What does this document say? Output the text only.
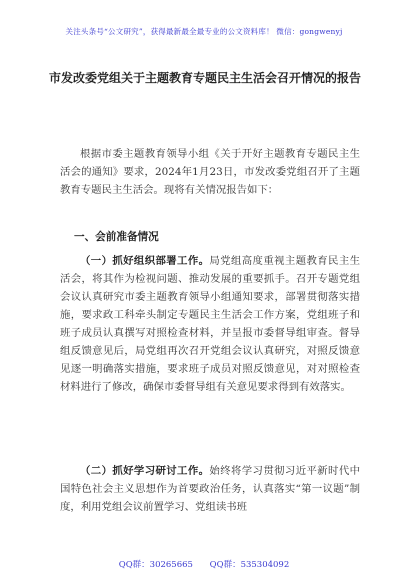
关注头条号“公文研究”，获得最新最全最专业的公文资料库！ 微信：gongwenyj
市发改委党组关于主题教育专题民主生活会召开情况的报告

根据市委主题教育领导小组《关于开好主题教育专题民主生活会的通知》要求，2024年1月23日，市发改委党组召开了主题教育专题民主生活会。现将有关情况报告如下：

一、会前准备情况

（一）抓好组织部署工作。局党组高度重视主题教育民主生活会，将其作为检视问题、推动发展的重要抓手。召开专题党组会议认真研究市委主题教育领导小组通知要求，部署贯彻落实措施，要求政工科牵头制定专题民主生活会工作方案，党组班子和班子成员认真撰写对照检查材料，并呈报市委督导组审查。督导组反馈意见后，局党组再次召开党组会议认真研究，对照反馈意见逐一明确落实措施，要求班子成员对照反馈意见，对对照检查材料进行了修改，确保市委督导组有关意见要求得到有效落实。

（二）抓好学习研讨工作。始终将学习贯彻习近平新时代中国特色社会主义思想作为首要政治任务，认真落实“第一议题”制度，利用党组会议前置学习、党组读书班

QQ群：30265665 QQ群：535304092
